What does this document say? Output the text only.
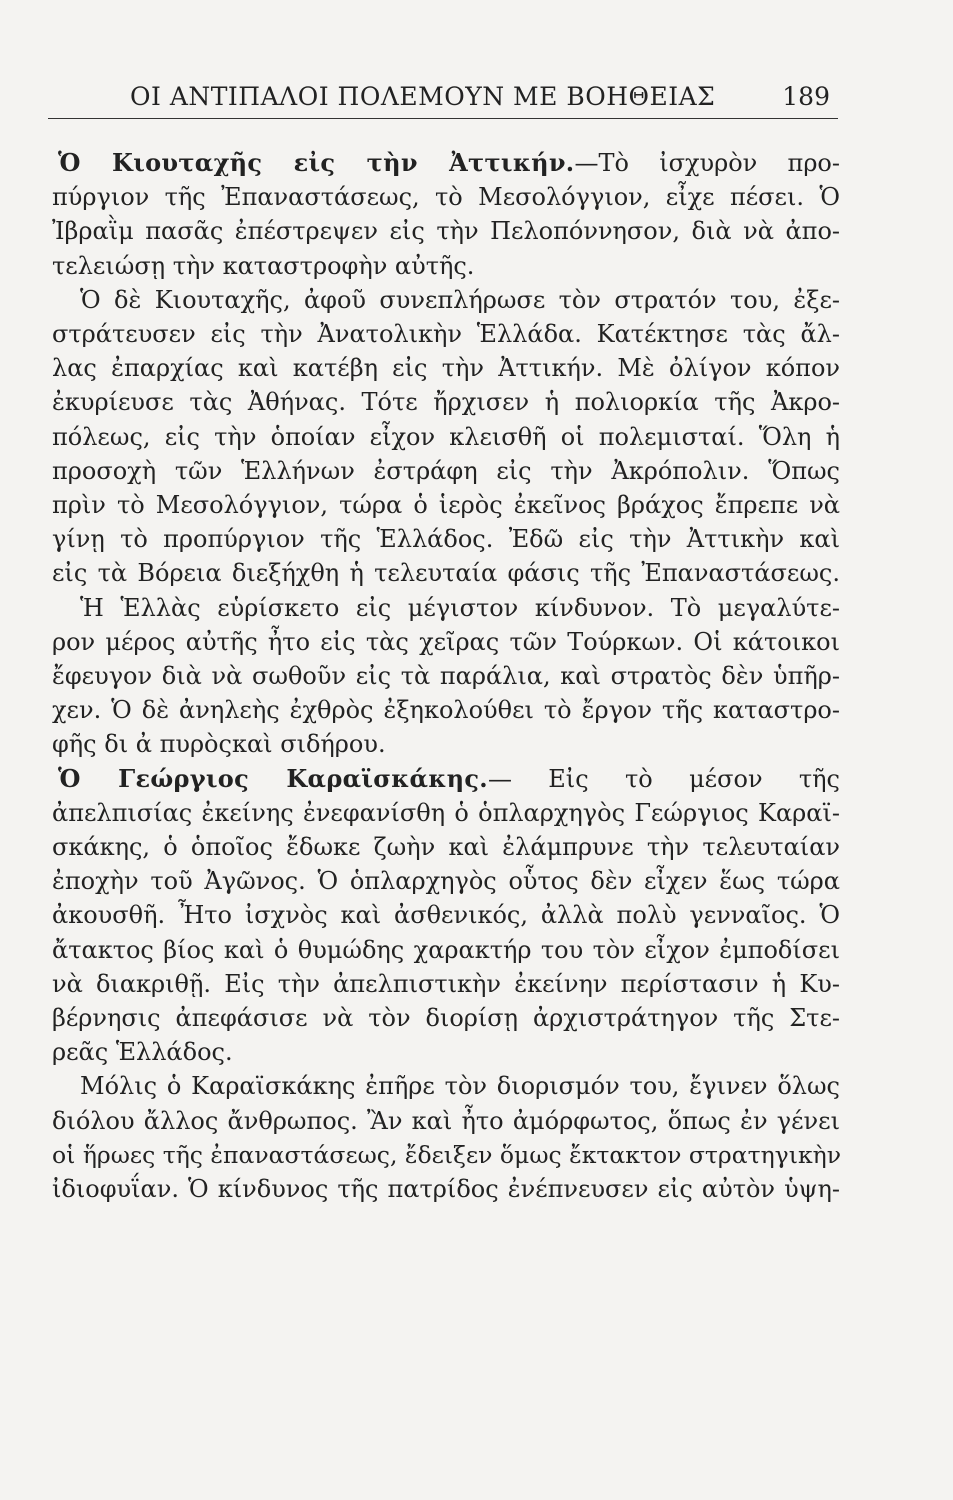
ΟΙ ΑΝΤΙΠΑΛΟΙ ΠΟΛΕΜΟΥΝ ΜΕ ΒΟΗΘΕΙΑΣ	189
Ὁ Κιουταχῆς εἰς τὴν Ἀττικήν.—Τὸ ἰσχυρὸν προ-
πύργιον τῆς Ἐπαναστάσεως, τὸ Μεσολόγγιον, εἶχε πέσει. Ὁ
Ἰβραῒμ πασᾶς ἐπέστρεψεν εἰς τὴν Πελοπόννησον, διὰ νὰ ἀπο-
τελειώσῃ τὴν καταστροφὴν αὐτῆς.
Ὁ δὲ Κιουταχῆς, ἀφοῦ συνεπλήρωσε τὸν στρατόν του, ἐξε-
στράτευσεν εἰς τὴν Ἀνατολικὴν Ἑλλάδα. Κατέκτησε τὰς ἄλ-
λας ἐπαρχίας καὶ κατέβη εἰς τὴν Ἀττικήν. Μὲ ὀλίγον κόπον
ἐκυρίευσε τὰς Ἀθήνας. Τότε ἤρχισεν ἡ πολιορκία τῆς Ἀκρο-
πόλεως, εἰς τὴν ὁποίαν εἶχον κλεισθῆ οἱ πολεμισταί. Ὅλη ἡ
προσοχὴ τῶν Ἑλλήνων ἐστράφη εἰς τὴν Ἀκρόπολιν. Ὅπως
πρὶν τὸ Μεσολόγγιον, τώρα ὁ ἱερὸς ἐκεῖνος βράχος ἔπρεπε νὰ
γίνῃ τὸ προπύργιον τῆς Ἑλλάδος. Ἐδῶ εἰς τὴν Ἀττικὴν καὶ
εἰς τὰ Βόρεια διεξήχθη ἡ τελευταία φάσις τῆς Ἐπαναστάσεως.
Ἡ Ἑλλὰς εὑρίσκετο εἰς μέγιστον κίνδυνον. Τὸ μεγαλύτε-
ρον μέρος αὐτῆς ἦτο εἰς τὰς χεῖρας τῶν Τούρκων. Οἱ κάτοικοι
ἔφευγον διὰ νὰ σωθοῦν εἰς τὰ παράλια, καὶ στρατὸς δὲν ὑπῆρ-
χεν. Ὁ δὲ ἀνηλεὴς ἐχθρὸς ἐξηκολούθει τὸ ἔργον τῆς καταστρο-
φῆς δι ἀ πυρὸςκαὶ σιδήρου.
Ὁ Γεώργιος Καραϊσκάκης.— Εἰς τὸ μέσον τῆς
ἀπελπισίας ἐκείνης ἐνεφανίσθη ὁ ὁπλαρχηγὸς Γεώργιος Καραϊ-
σκάκης, ὁ ὁποῖος ἔδωκε ζωὴν καὶ ἐλάμπρυνε τὴν τελευταίαν
ἐποχὴν τοῦ Ἀγῶνος. Ὁ ὁπλαρχηγὸς οὗτος δὲν εἶχεν ἕως τώρα
ἀκουσθῆ. Ἦτο ἰσχνὸς καὶ ἀσθενικός, ἀλλὰ πολὺ γενναῖος. Ὁ
ἄτακτος βίος καὶ ὁ θυμώδης χαρακτήρ του τὸν εἶχον ἐμποδίσει
νὰ διακριθῇ. Εἰς τὴν ἀπελπιστικὴν ἐκείνην περίστασιν ἡ Κυ-
βέρνησις ἀπεφάσισε νὰ τὸν διορίσῃ ἀρχιστράτηγον τῆς Στε-
ρεᾶς Ἑλλάδος.
Μόλις ὁ Καραϊσκάκης ἐπῆρε τὸν διορισμόν του, ἔγινεν ὅλως
διόλου ἄλλος ἄνθρωπος. Ἂν καὶ ἦτο ἀμόρφωτος, ὅπως ἐν γένει
οἱ ἥρωες τῆς ἐπαναστάσεως, ἔδειξεν ὅμως ἔκτακτον στρατηγικὴν
ἰδιοφυΐαν. Ὁ κίνδυνος τῆς πατρίδος ἐνέπνευσεν εἰς αὐτὸν ὑψη-
